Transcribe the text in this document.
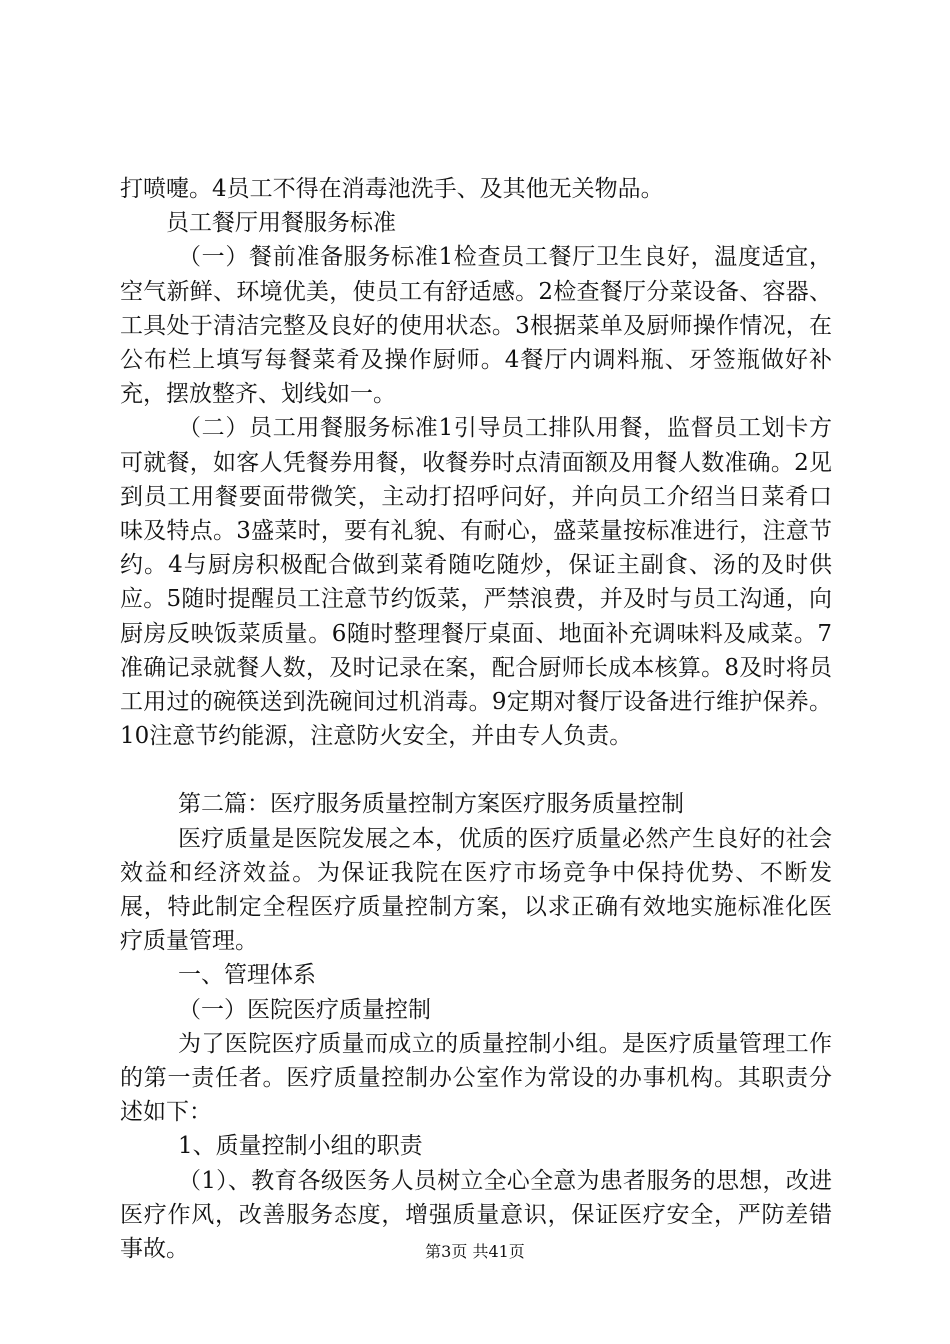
打喷嚏。4员工不得在消毒池洗手、及其他无关物品。

员工餐厅用餐服务标准

（一）餐前准备服务标准1检查员工餐厅卫生良好，温度适宜，空气新鲜、环境优美，使员工有舒适感。2检查餐厅分菜设备、容器、工具处于清洁完整及良好的使用状态。3根据菜单及厨师操作情况，在公布栏上填写每餐菜肴及操作厨师。4餐厅内调料瓶、牙签瓶做好补充，摆放整齐、划线如一。

（二）员工用餐服务标准1引导员工排队用餐，监督员工划卡方可就餐，如客人凭餐券用餐，收餐券时点清面额及用餐人数准确。2见到员工用餐要面带微笑，主动打招呼问好，并向员工介绍当日菜肴口味及特点。3盛菜时，要有礼貌、有耐心，盛菜量按标准进行，注意节约。4与厨房积极配合做到菜肴随吃随炒，保证主副食、汤的及时供应。5随时提醒员工注意节约饭菜，严禁浪费，并及时与员工沟通，向厨房反映饭菜质量。6随时整理餐厅桌面、地面补充调味料及咸菜。7准确记录就餐人数，及时记录在案，配合厨师长成本核算。8及时将员工用过的碗筷送到洗碗间过机消毒。9定期对餐厅设备进行维护保养。10注意节约能源，注意防火安全，并由专人负责。

第二篇：医疗服务质量控制方案医疗服务质量控制

医疗质量是医院发展之本，优质的医疗质量必然产生良好的社会效益和经济效益。为保证我院在医疗市场竞争中保持优势、不断发展，特此制定全程医疗质量控制方案，以求正确有效地实施标准化医疗质量管理。

一、管理体系

（一）医院医疗质量控制

为了医院医疗质量而成立的质量控制小组。是医疗质量管理工作的第一责任者。医疗质量控制办公室作为常设的办事机构。其职责分述如下：

1、质量控制小组的职责

（1）、教育各级医务人员树立全心全意为患者服务的思想，改进医疗作风，改善服务态度，增强质量意识，保证医疗安全，严防差错事故。	第3页 共41页
